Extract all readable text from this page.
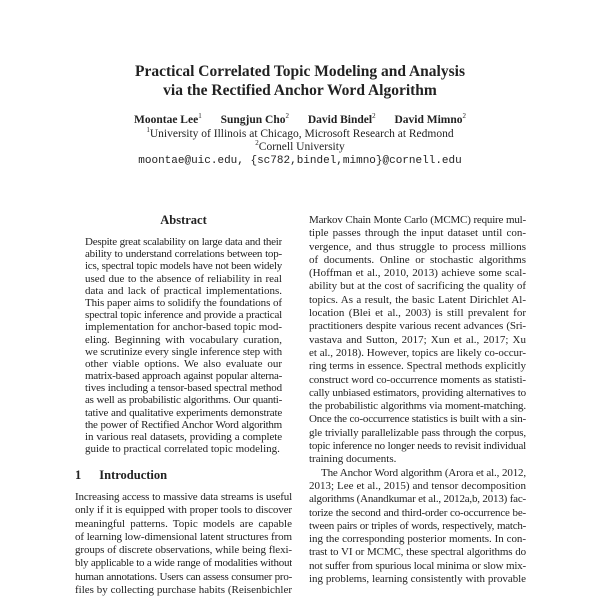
Practical Correlated Topic Modeling and Analysis
via the Rectified Anchor Word Algorithm
Moontae Lee$^1$ Sungjun Cho$^2$ David Bindel$^2$ David Mimno$^2$
$^1$University of Illinois at Chicago, Microsoft Research at Redmond
$^2$Cornell University
moontae@uic.edu, {sc782,bindel,mimno}@cornell.edu
Abstract
Despite great scalability on large data and their
ability to understand correlations between top-
ics, spectral topic models have not been widely
used due to the absence of reliability in real
data and lack of practical implementations.
This paper aims to solidify the foundations of
spectral topic inference and provide a practical
implementation for anchor-based topic mod-
eling. Beginning with vocabulary curation,
we scrutinize every single inference step with
other viable options. We also evaluate our
matrix-based approach against popular alterna-
tives including a tensor-based spectral method
as well as probabilistic algorithms. Our quanti-
tative and qualitative experiments demonstrate
the power of Rectified Anchor Word algorithm
in various real datasets, providing a complete
guide to practical correlated topic modeling.
1 Introduction
Increasing access to massive data streams is useful
only if it is equipped with proper tools to discover
meaningful patterns. Topic models are capable
of learning low-dimensional latent structures from
groups of discrete observations, while being flexi-
bly applicable to a wide range of modalities without
human annotations. Users can assess consumer pro-
files by collecting purchase habits (Reisenbichler
Markov Chain Monte Carlo (MCMC) require mul-
tiple passes through the input dataset until con-
vergence, and thus struggle to process millions
of documents. Online or stochastic algorithms
(Hoffman et al., 2010, 2013) achieve some scal-
ability but at the cost of sacrificing the quality of
topics. As a result, the basic Latent Dirichlet Al-
location (Blei et al., 2003) is still prevalent for
practitioners despite various recent advances (Sri-
vastava and Sutton, 2017; Xun et al., 2017; Xu
et al., 2018). However, topics are likely co-occur-
ring terms in essence. Spectral methods explicitly
construct word co-occurrence moments as statisti-
cally unbiased estimators, providing alternatives to
the probabilistic algorithms via moment-matching.
Once the co-occurrence statistics is built with a sin-
gle trivially parallelizable pass through the corpus,
topic inference no longer needs to revisit individual
training documents.
The Anchor Word algorithm (Arora et al., 2012,
2013; Lee et al., 2015) and tensor decomposition
algorithms (Anandkumar et al., 2012a,b, 2013) fac-
torize the second and third-order co-occurrence be-
tween pairs or triples of words, respectively, match-
ing the corresponding posterior moments. In con-
trast to VI or MCMC, these spectral algorithms do
not suffer from spurious local minima or slow mix-
ing problems, learning consistently with provable
